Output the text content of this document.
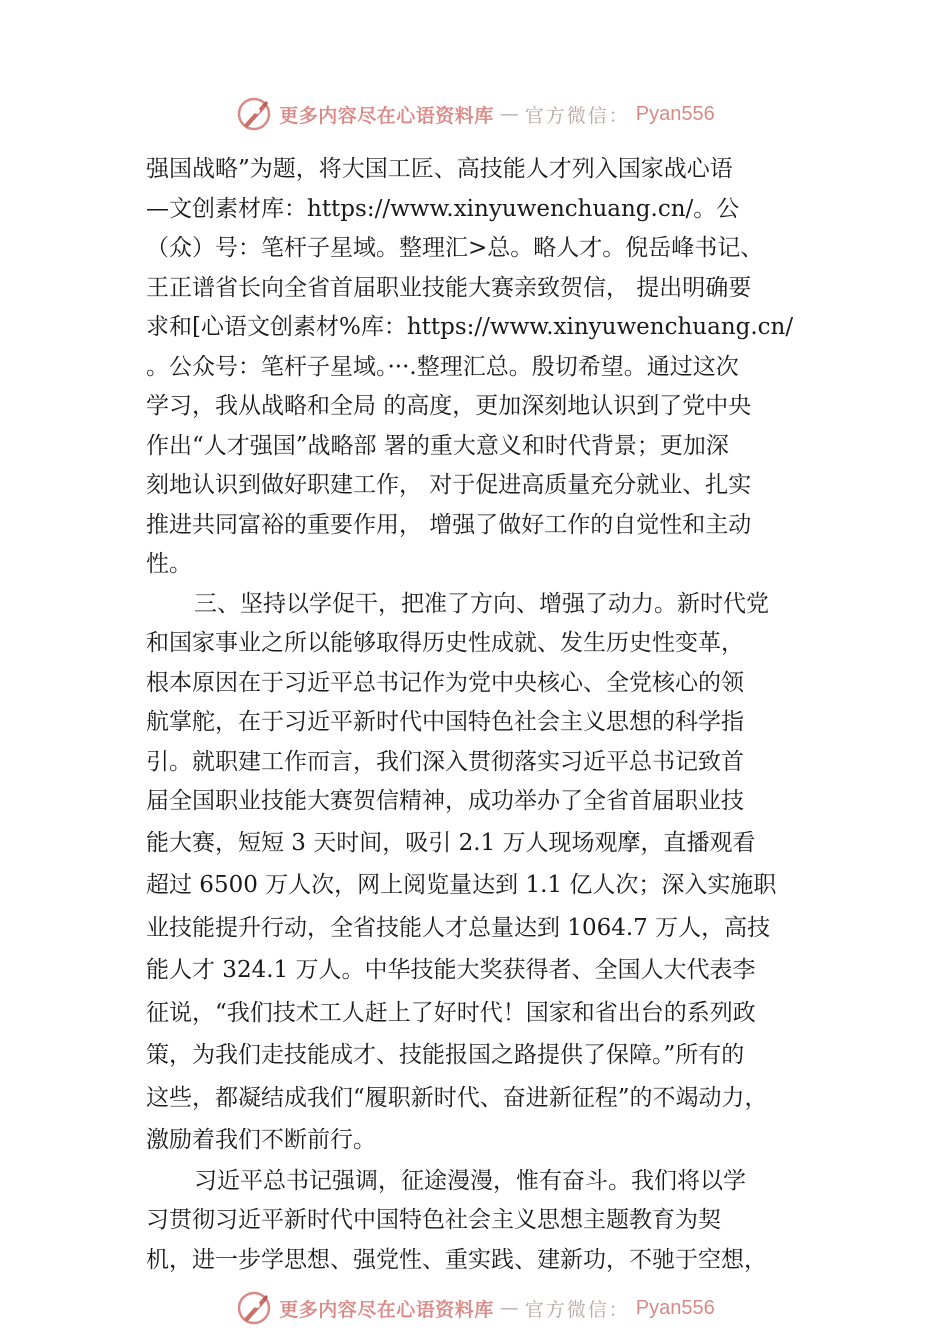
更多内容尽在心语资料库 — 官方微信： Pyan556
强国战略”为题，将大国工匠、高技能人才列入国家战心语
—文创素材库：https://www.xinyuwenchuang.cn/。公
（众）号：笔杆子星域。整理汇>总。略人才。倪岳峰书记、
王正谱省长向全省首届职业技能大赛亲致贺信， 提出明确要
求和[心语文创素材%库：https://www.xinyuwenchuang.cn/
。公众号：笔杆子星域。···.整理汇总。殷切希望。通过这次
学习，我从战略和全局 的高度，更加深刻地认识到了党中央
作出“人才强国”战略部 署的重大意义和时代背景；更加深
刻地认识到做好职建工作， 对于促进高质量充分就业、扎实
推进共同富裕的重要作用， 增强了做好工作的自觉性和主动
性。
三、坚持以学促干，把准了方向、增强了动力。新时代党
和国家事业之所以能够取得历史性成就、发生历史性变革，
根本原因在于习近平总书记作为党中央核心、全党核心的领
航掌舵，在于习近平新时代中国特色社会主义思想的科学指
引。就职建工作而言，我们深入贯彻落实习近平总书记致首
届全国职业技能大赛贺信精神，成功举办了全省首届职业技
能大赛，短短 3 天时间，吸引 2.1 万人现场观摩，直播观看
超过 6500 万人次，网上阅览量达到 1.1 亿人次；深入实施职
业技能提升行动，全省技能人才总量达到 1064.7 万人，高技
能人才 324.1 万人。中华技能大奖获得者、全国人大代表李
征说，“我们技术工人赶上了好时代！国家和省出台的系列政
策，为我们走技能成才、技能报国之路提供了保障。”所有的
这些，都凝结成我们“履职新时代、奋进新征程”的不竭动力，
激励着我们不断前行。
习近平总书记强调，征途漫漫，惟有奋斗。我们将以学
习贯彻习近平新时代中国特色社会主义思想主题教育为契
机，进一步学思想、强党性、重实践、建新功，不驰于空想，
更多内容尽在心语资料库 — 官方微信： Pyan556
